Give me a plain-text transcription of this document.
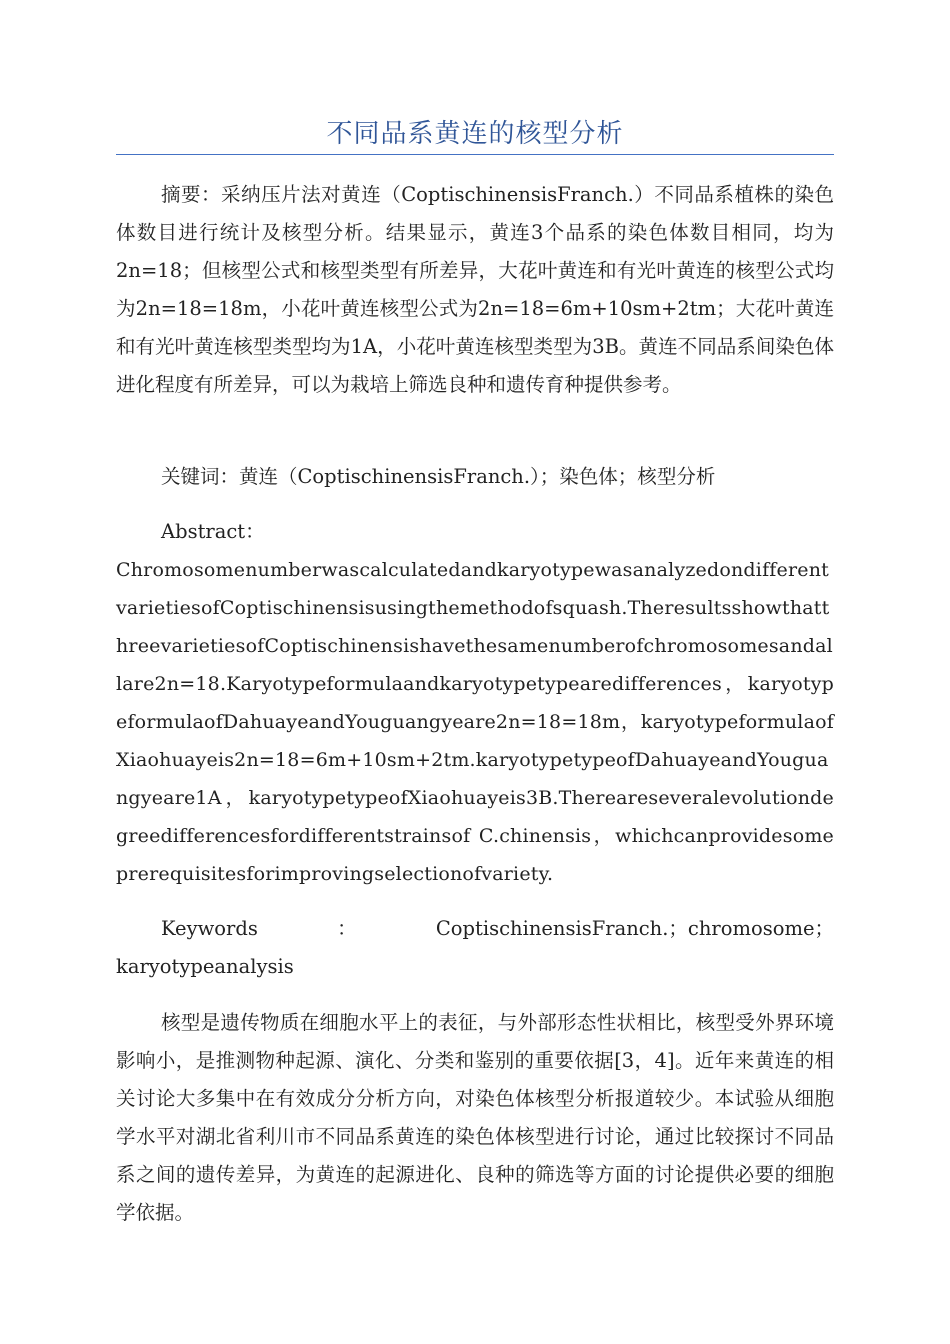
不同品系黄连的核型分析

摘要：采纳压片法对黄连（CoptischinensisFranch.）不同品系植株的染色体数目进行统计及核型分析。结果显示，黄连3个品系的染色体数目相同，均为2n=18；但核型公式和核型类型有所差异，大花叶黄连和有光叶黄连的核型公式均为2n=18=18m，小花叶黄连核型公式为2n=18=6m+10sm+2tm；大花叶黄连和有光叶黄连核型类型均为1A，小花叶黄连核型类型为3B。黄连不同品系间染色体进化程度有所差异，可以为栽培上筛选良种和遗传育种提供参考。

关键词：黄连（CoptischinensisFranch.）；染色体；核型分析

Abstract：

ChromosomenumberwascalculatedandkaryotypewasanalyzedondifferentvarietiesofCoptischinensisusingthemethodofsquash.TheresultsshowthatthreevarietiesofCoptischinensishavethesamenumberofchromosomesandallare2n=18.Karyotypeformulaandkaryotypetypearedifferences，karyotypeformulaofDahuayeandYouguangyeare2n=18=18m，karyotypeformulaofXiaohuayeis2n=18=6m+10sm+2tm.karyotypetypeofDahuayeandYouguangyeare1A，karyotypetypeofXiaohuayeis3B.Thereareseveralevolutiondegreedifferencesfordifferentstrainsof C.chinensis，whichcanprovidesomeprerequisitesforimprovingselectionofvariety.

Keywords：CoptischinensisFranch.；chromosome；karyotypeanalysis

核型是遗传物质在细胞水平上的表征，与外部形态性状相比，核型受外界环境影响小，是推测物种起源、演化、分类和鉴别的重要依据[3，4]。近年来黄连的相关讨论大多集中在有效成分分析方向，对染色体核型分析报道较少。本试验从细胞学水平对湖北省利川市不同品系黄连的染色体核型进行讨论，通过比较探讨不同品系之间的遗传差异，为黄连的起源进化、良种的筛选等方面的讨论提供必要的细胞学依据。
